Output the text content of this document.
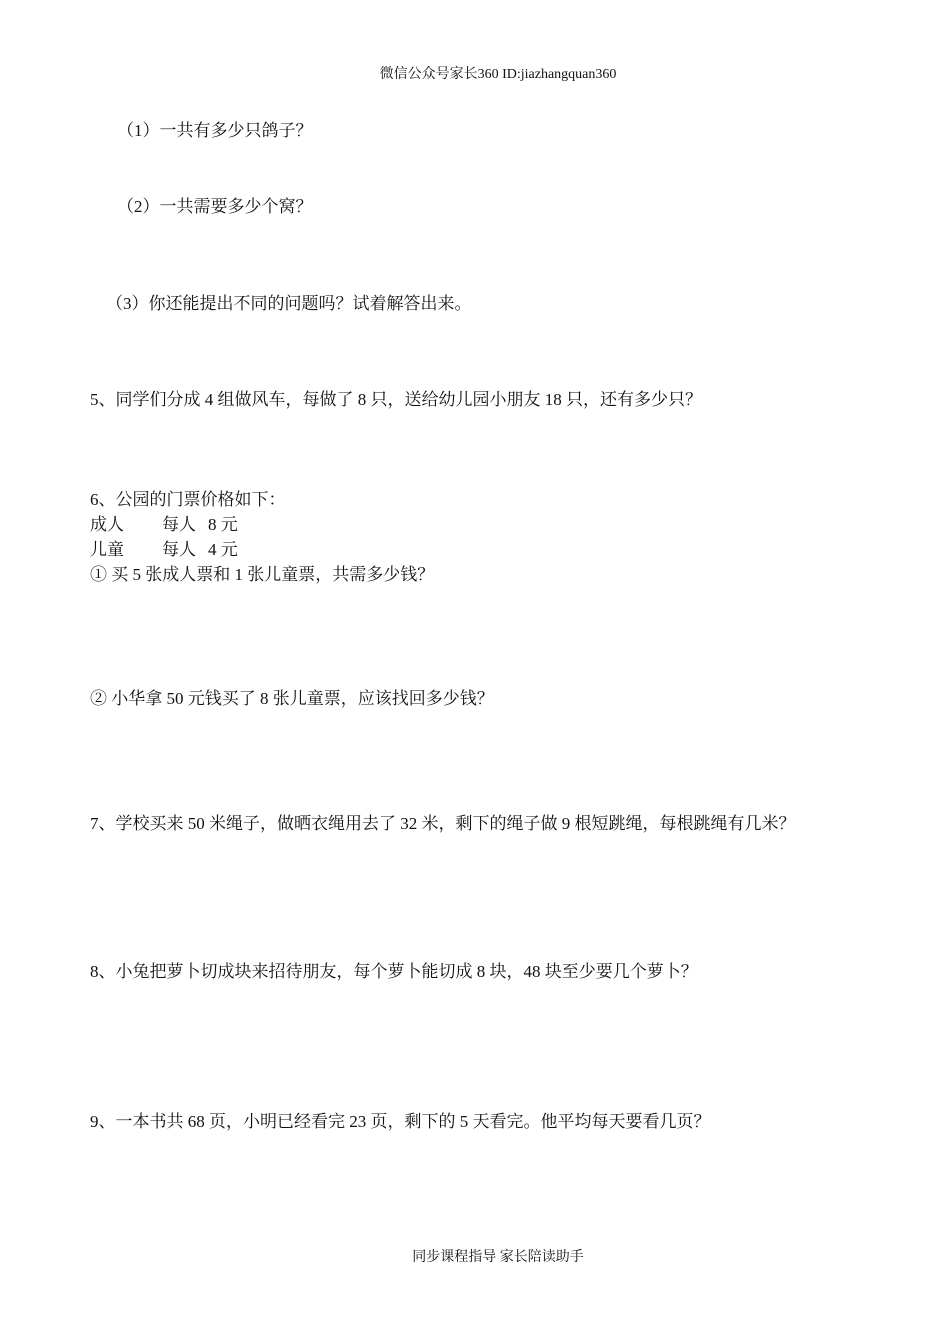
微信公众号家长360 ID:jiazhangquan360
（1）一共有多少只鸽子？
（2）一共需要多少个窝？
（3）你还能提出不同的问题吗？试着解答出来。
5、同学们分成 4 组做风车，每做了 8 只，送给幼儿园小朋友 18 只，还有多少只？
6、公园的门票价格如下：
成人 每人 8 元
儿童 每人 4 元
① 买 5 张成人票和 1 张儿童票，共需多少钱？
② 小华拿 50 元钱买了 8 张儿童票，应该找回多少钱？
7、学校买来 50 米绳子，做晒衣绳用去了 32 米，剩下的绳子做 9 根短跳绳，每根跳绳有几米？
8、小兔把萝卜切成块来招待朋友，每个萝卜能切成 8 块，48 块至少要几个萝卜？
9、一本书共 68 页，小明已经看完 23 页，剩下的 5 天看完。他平均每天要看几页？
同步课程指导 家长陪读助手
